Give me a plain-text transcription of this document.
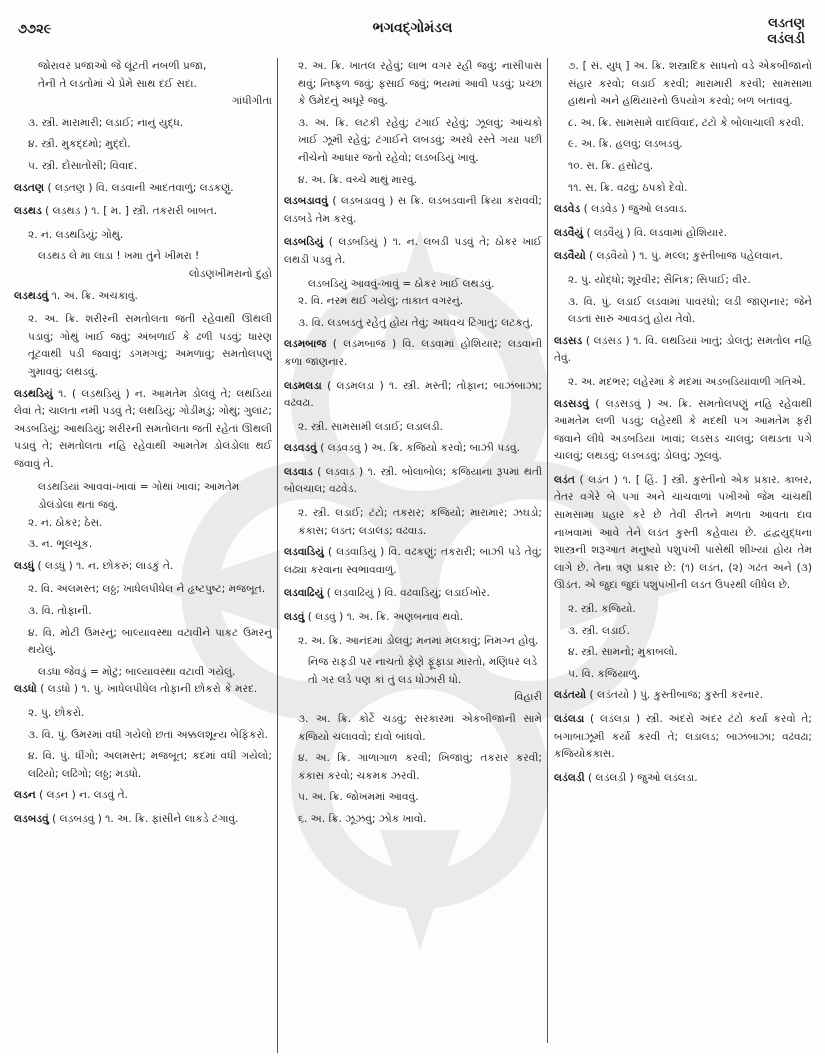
૭૭૨૯	ભગવદ્ગોમંડલ	લડતણ
લડંલડી

જોરાવર પ્રજાઓ જે લૂંટતી નબળી પ્રજા,

તેની તે લડતોમાં ચે પ્રેમે સાથ દઈ સદા.

ગાંધીગીતા

૩. સ્ત્રી. મારામારી; લડાઈ; નાનું યુદ્ધ.

૪. સ્ત્રી. મુકદ્દમો; મુદ્દો.

૫. સ્ત્રી. દોંસાતોંસી; વિવાદ.

લડતણ ( લડ઼તણ઼ ) વિ. લડવાની આદતવાળું; લડકણું.

લડથડ ( લડ઼થડ઼ ) ૧. [ મ. ] સ્ત્રી. તકરારી બાબત.

૨. ન. લડથડિયું; ગોથું.

લડથડ લે મા લાડા ! ખમા તુંને ખીમરા !

લોડણખીમરાનો દુહો

લડથડવું ૧. અ. ક્રિ. અચકાવું.

૨. અ. ક્રિ. શરીરની સમતોલતા જતી રહેવાથી ઊથલી પડાવું; ગોથું ખાઈ જવું; અંબળાઈ કે ઢળી પડવું; ધારણ તૂટવાથી પડી જવાવું; ડગમગવું; અમળાવું; સમતોલપણું ગુમાવવું; લથડવું.

લડથડિયું ૧. ( લડ઼થડ઼િયું ) ન. આમતેમ ડોલવું તે; લથડિયાં લેવાં તે; ચાલતા નમી પડવું તે; લથડિયું; ગોડીમડું; ગોથું; ગુલાંટ; અડબડિયું; આથડિયું; શરીરની સમતોલતા જતી રહેતાં ઊથલી પડાવું તે; સમતોલતા નહિ રહેવાથી આમતેમ ડોલંડોલા થઈ જવાવું તે.

લડથડિયાં આવવાં-ખાવાં = ગોથાં ખાવાં; આમતેમ ડોલંડોલા થતાં જવું.

૨. ન. ઠોકર; ઠેસ.

૩. ન. ભૂલચૂક.

લડધું ( લડ઼ધું ) ૧. ન. છોકરું; લાડકું તે.

૨. વિ. અલમસ્ત; લઠ્ઠ; ખાધેલપીધેલ ને હૃષ્ટપુષ્ટ; મજબૂત.

૩. વિ. તોફાની.

૪. વિ. મોટી ઉમરનું; બાલ્યાવસ્થા વટાવીને પાકટ ઉમરનું થયેલું.

લડધા જેવડું = મોટું; બાલ્યાવસ્થા વટાવી ગયેલું.

લડધો ( લડ઼ધો ) ૧. પું. ખાધેલપીધેલ તોફાની છોકરો કે મરદ.

૨. પું. છોકરો.

૩. વિ. પું. ઉમરમાં વધી ગયેલો છતાં અક્કલશૂન્ય બેફિકરો.

૪. વિ. પું. ધીંગો; અલમસ્ત; મજબૂત; કદમાં વધી ગયેલો; લઢિયો; લઢિંગો; લઠ્ઠ; મડધો.

લડન ( લડ઼ન ) ન. લડવું તે.

લડબડવું ( લડ઼બડ઼વું ) ૧. અ. ક્રિ. ફાંસીને લાકડે ટંગાવું.

૨. અ. ક્રિ. ખાતલ રહેવું; લાભ વગર રહી જવું; નાસીપાસ થવું; નિષ્ફળ જવું; ફસાઈ જવું; ભયમાં આવી પડવું; પ્રચ્છા કે ઉમેદનું અધૂરે જવું.

૩. અ. ક્રિ. લટકી રહેવું; ટંગાઈ રહેવું; ઝૂલવું; આંચકો ખાઈ ઝૂમી રહેવું; ટંગાઈને લબડવું; અરધે રસ્તે ગયા પછી નીચેનો આધાર જતો રહેવો; લડબડિયું ખાવું.

૪. અ. ક્રિ. વચ્ચે માથું મારવું.

લડબડાવવું ( લડ઼બડાવવું ) સ ક્રિ. લડબડવાની ક્રિયા કરાવવી; લડબડે તેમ કરવું.

લડબડિયું ( લડ઼બડ઼િયું ) ૧. ન. લબડી પડવું તે; ઠોકર ખાઈ લથડી પડવું તે.

લડબડિયું આવવું-ખાવું = ઠોકર ખાઈ લથડવું.

૨. વિ. નરમ થઈ ગયેલું; તાકાત વગરનું.

૩. વિ. લડબડતું રહેતું હોય તેવું; અધવચ ટિંગાતું; લટકતું.

લડમબાજ ( લડ઼મબાજ ) વિ. લડવામાં હોશિયાર; લડવાની કળા જાણનાર.

લડમલડા ( લડ઼મલડ઼ા ) ૧. સ્ત્રી. મસ્તી; તોફાન; બાઝંબાઝા; વઢંવઢા.

૨. સ્ત્રી. સામસામી લડાઈ; લડાલડી.

લડવડવું ( લડ઼વડ઼વું ) અ. ક્રિ. કજિયો કરવો; બાઝી પડવું.

લડવાડ ( લડ઼વાડ઼ ) ૧. સ્ત્રી. બોલાબોલ; કજિયાના રૂપમાં થતી બોલચાલ; વઢવેડ.

૨. સ્ત્રી. લડાઈ; ટંટો; તકરાર; કજિયો; મારામાર; ઝઘડો; કંકાસ; લડત; લડાલડ; વઢવાડ.

લડવાડિયું ( લડ઼વાડ઼િયું ) વિ. વઢકણું; તકરારી; બાઝી પડે તેવું; લઢ્યા કરવાના સ્વભાવવાળું.

લડવાઢિયું ( લડ઼વાઢિયું ) વિ. વઢવાડિયું; લડાઈખોર.

લડવું ( લડ઼વું ) ૧. અ. ક્રિ. અણબનાવ થવો.

૨. અ. ક્રિ. આનંદમાં ડોલવું; મનમાં મલકાવું; નિમગ્ન હોવું.

નિજ રાફડી પર નાચતો ફેણે ફૂંફાડા મારતો, મણિધર લડે તો ગર લડે પણ કાં તું લડ ધોઝારી ધો.

વિહારી

૩. અ. ક્રિ. કોર્ટે ચડવું; સરકારમાં એકબીજાની સામે કજિયો ચલાવવો; દાવો બાંધવો.

૪. અ. ક્રિ. ગાળાગાળ કરવી; ખિજાવું; તકરાર કરવી; કંકાસ કરવો; ચકમક ઝરવી.

૫. અ. ક્રિ. જોખમમાં આવવું.

૬. અ. ક્રિ. ઝૂઝવું; ઝોક ખાવો.

૭. [ સં. યુધ્ ] અ. ક્રિ. શસ્ત્રાદિક સાધનો વડે એકબીજાનો સંહાર કરવો; લડાઈ કરવી; મારામારી કરવી; સામસામા હાથનો અને હથિયારનો ઉપયોગ કરવો; બળ બતાવવું.

૮. અ. ક્રિ. સામસામે વાદવિવાદ, ટંટો કે બોલાચાલી કરવી.

૯. અ. ક્રિ. હલવું; લડબડવું.

૧૦. સ. ક્રિ. હસોટવું.

૧૧. સ. ક્રિ. વઢવું; ઠપકો દેવો.

લડવેડ ( લડ઼વેડ઼ ) જુઓ લડવાડ.

લડવૈયું ( લડ઼વૈયું ) વિ. લડવામાં હોશિયાર.

લડવૈયો ( લડ઼વૈયો ) ૧. પું. મલ્લ; કુસ્તીબાજ પહેલવાન.

૨. પું. યોદ્ધો; શૂરવીર; સૈનિક; સિપાઈ; વીર.

૩. વિ. પું. લડાઈ લડવામાં પાવરધો; લડી જાણનાર; જેને લડતાં સારું આવડતું હોય તેવો.

લડસડ ( લડ઼સડ઼ ) ૧. વિ. લથડિયાં ખાતું; ડોલતું; સમતોલ નહિ તેવું.

૨. અ. મદભર; લહેરમાં કે મદમાં અડબડિયાંવાળી ગતિએ.

લડસડવું ( લડ઼સડ઼વું ) અ. ક્રિ. સમતોલપણું નહિ રહેવાથી આમતેમ લળી પડવું; લહેરથી કે મદથી પગ આમતેમ ફરી જવાને લીધે અડબડિયાં ખાવાં; લડસડ ચાલવું; લથડતા પગે ચાલવું; લથડવું; લડબડવું; ડોલવું; ઝૂલવું.

લડંત ( લડંત ) ૧. [ હિં. ] સ્ત્રી. કુસ્તીનો એક પ્રકાર. કાબર, તેતર વગેરે બે પગાં અને ચાંચવાળાં પંખીઓ જેમ ચાંચથી સામસામા પ્રહાર કરે છે તેવી રીતને મળતા આવતા દાવ નાખવામાં આવે તેને લડંત કુસ્તી કહેવાય છે. દ્વંદ્વયુદ્ધના શાસ્ત્રની શરૂઆત મનુષ્યો પશુપંખી પાસેથી શીખ્યાં હોય તેમ લાગે છે. તેના ત્રણ પ્રકાર છે: (૧) લડંત, (૨) ગઢંત અને (૩) ઊડંત. એ જુદાં જુદાં પશુપંખીની લડત ઉપરથી લીધેલ છે.

૨. સ્ત્રી. કજિયો.

૩. સ્ત્રી. લડાઈ.

૪. સ્ત્રી. સામનો; મુકાબલો.

૫. વિ. કજિયાળું.

લડંતયો ( લડંતયો ) પું. કુસ્તીબાજ; કુસ્તી કરનાર.

લડંલડા ( લડંલડ઼ા ) સ્ત્રી. અંદરો અંદર ટંટો કર્યા કરવો તે; બગાબાઝૂમી કર્યા કરવી તે; લડાલડ; બાઝંબાઝા; વઢંવઢા; કજિયોકંકાસ.

લડંલડી ( લડંલડ઼ી ) જુઓ લડંલડા.
